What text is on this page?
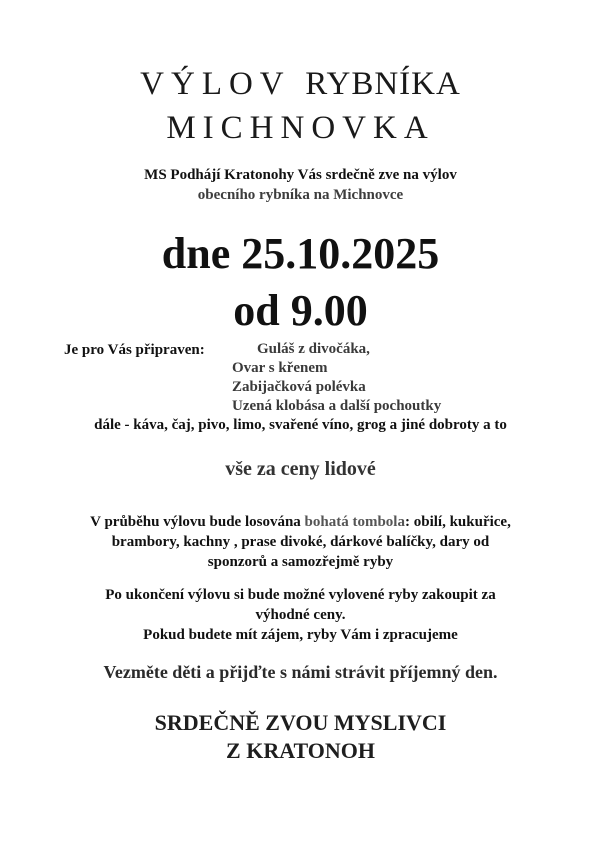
VÝLOV RYBNÍKA
MICHNOVKA
MS Podhájí Kratonohy Vás srdečně zve na výlov
obecního rybníka na Michnovce
dne 25.10.2025
od 9.00
Je pro Vás připraven:	Guláš z divočáka,
Ovar s křenem
Zabijačková polévka
Uzená klobása a další pochoutky
dále - káva, čaj, pivo, limo, svařené víno, grog a jiné dobroty a to
vše za ceny lidové
V průběhu výlovu bude losována bohatá tombola: obilí, kukuřice,
brambory, kachny , prase divoké, dárkové balíčky, dary od
sponzorů a samozřejmě ryby
Po ukončení výlovu si bude možné vylovené ryby zakoupit za
výhodné ceny.
Pokud budete mít zájem, ryby Vám i zpracujeme
Vezměte děti a přijďte s námi strávit příjemný den.
SRDEČNĚ ZVOU MYSLIVCI
Z KRATONOH
